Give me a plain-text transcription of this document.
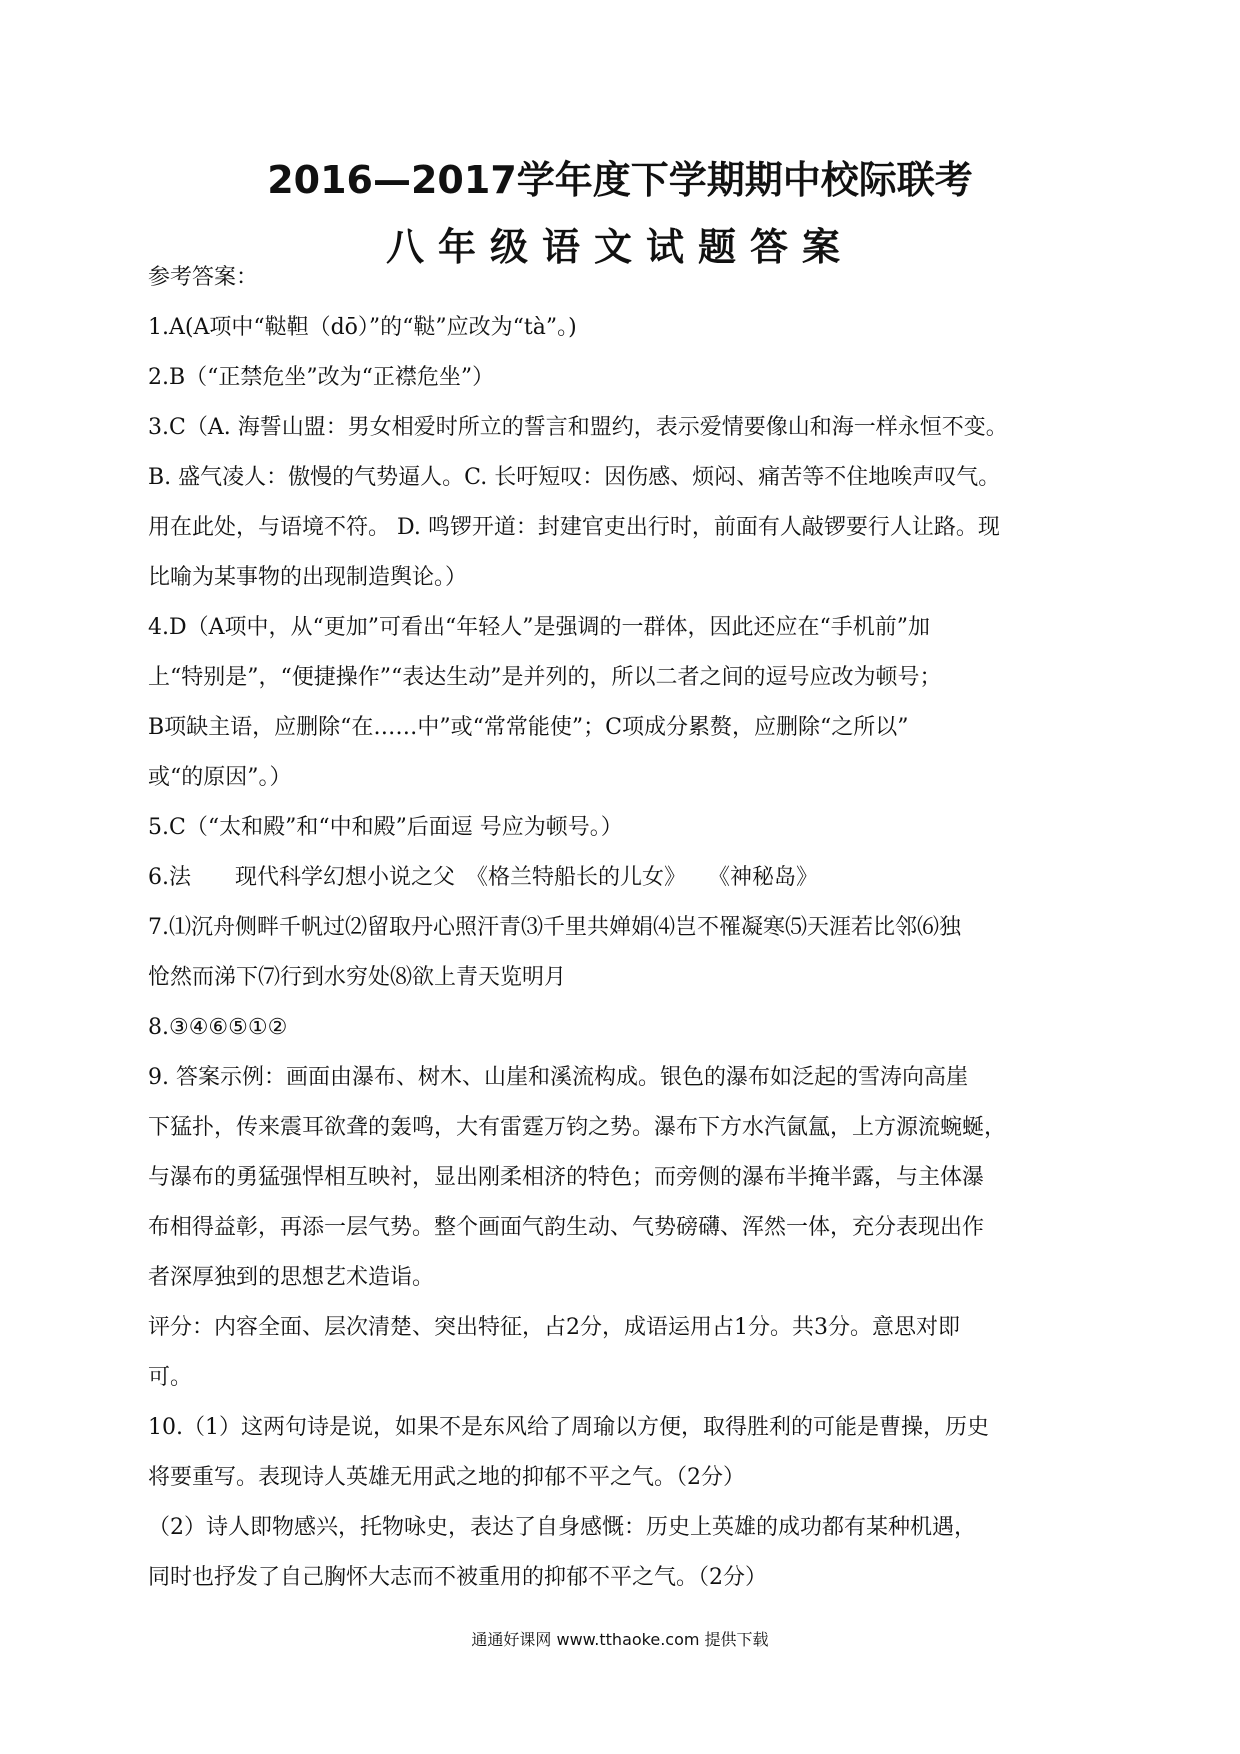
2016—2017学年度下学期期中校际联考
八年级语文试题答案
参考答案：
1.A(A项中“鞑靼（dō）”的“鞑”应改为“tà”。)
2.B（“正禁危坐”改为“正襟危坐”）
3.C（A. 海誓山盟：男女相爱时所立的誓言和盟约，表示爱情要像山和海一样永恒不变。
B. 盛气凌人：傲慢的气势逼人。C. 长吁短叹：因伤感、烦闷、痛苦等不住地唉声叹气。
用在此处，与语境不符。 D. 鸣锣开道：封建官吏出行时，前面有人敲锣要行人让路。现
比喻为某事物的出现制造舆论。）
4.D（A项中，从“更加”可看出“年轻人”是强调的一群体，因此还应在“手机前”加
上“特别是”，“便捷操作”“表达生动”是并列的，所以二者之间的逗号应改为顿号；
B项缺主语，应删除“在……中”或“常常能使”；C项成分累赘，应删除“之所以”
或“的原因”。）
5.C（“太和殿”和“中和殿”后面逗 号应为顿号。）
6.法　　现代科学幻想小说之父　《格兰特船长的儿女》　　《神秘岛》
7.⑴沉舟侧畔千帆过⑵留取丹心照汗青⑶千里共婵娟⑷岂不罹凝寒⑸天涯若比邻⑹独
怆然而涕下⑺行到水穷处⑻欲上青天览明月
8.③④⑥⑤①②
9. 答案示例：画面由瀑布、树木、山崖和溪流构成。银色的瀑布如泛起的雪涛向高崖
下猛扑，传来震耳欲聋的轰鸣，大有雷霆万钧之势。瀑布下方水汽氤氲，上方源流蜿蜒，
与瀑布的勇猛强悍相互映衬，显出刚柔相济的特色；而旁侧的瀑布半掩半露，与主体瀑
布相得益彰，再添一层气势。整个画面气韵生动、气势磅礴、浑然一体，充分表现出作
者深厚独到的思想艺术造诣。
评分：内容全面、层次清楚、突出特征，占2分，成语运用占1分。共3分。意思对即
可。
10.（1）这两句诗是说，如果不是东风给了周瑜以方便，取得胜利的可能是曹操，历史
将要重写。表现诗人英雄无用武之地的抑郁不平之气。（2分）
（2）诗人即物感兴，托物咏史，表达了自身感慨：历史上英雄的成功都有某种机遇，
同时也抒发了自己胸怀大志而不被重用的抑郁不平之气。（2分）
通通好课网 www.tthaoke.com 提供下载
